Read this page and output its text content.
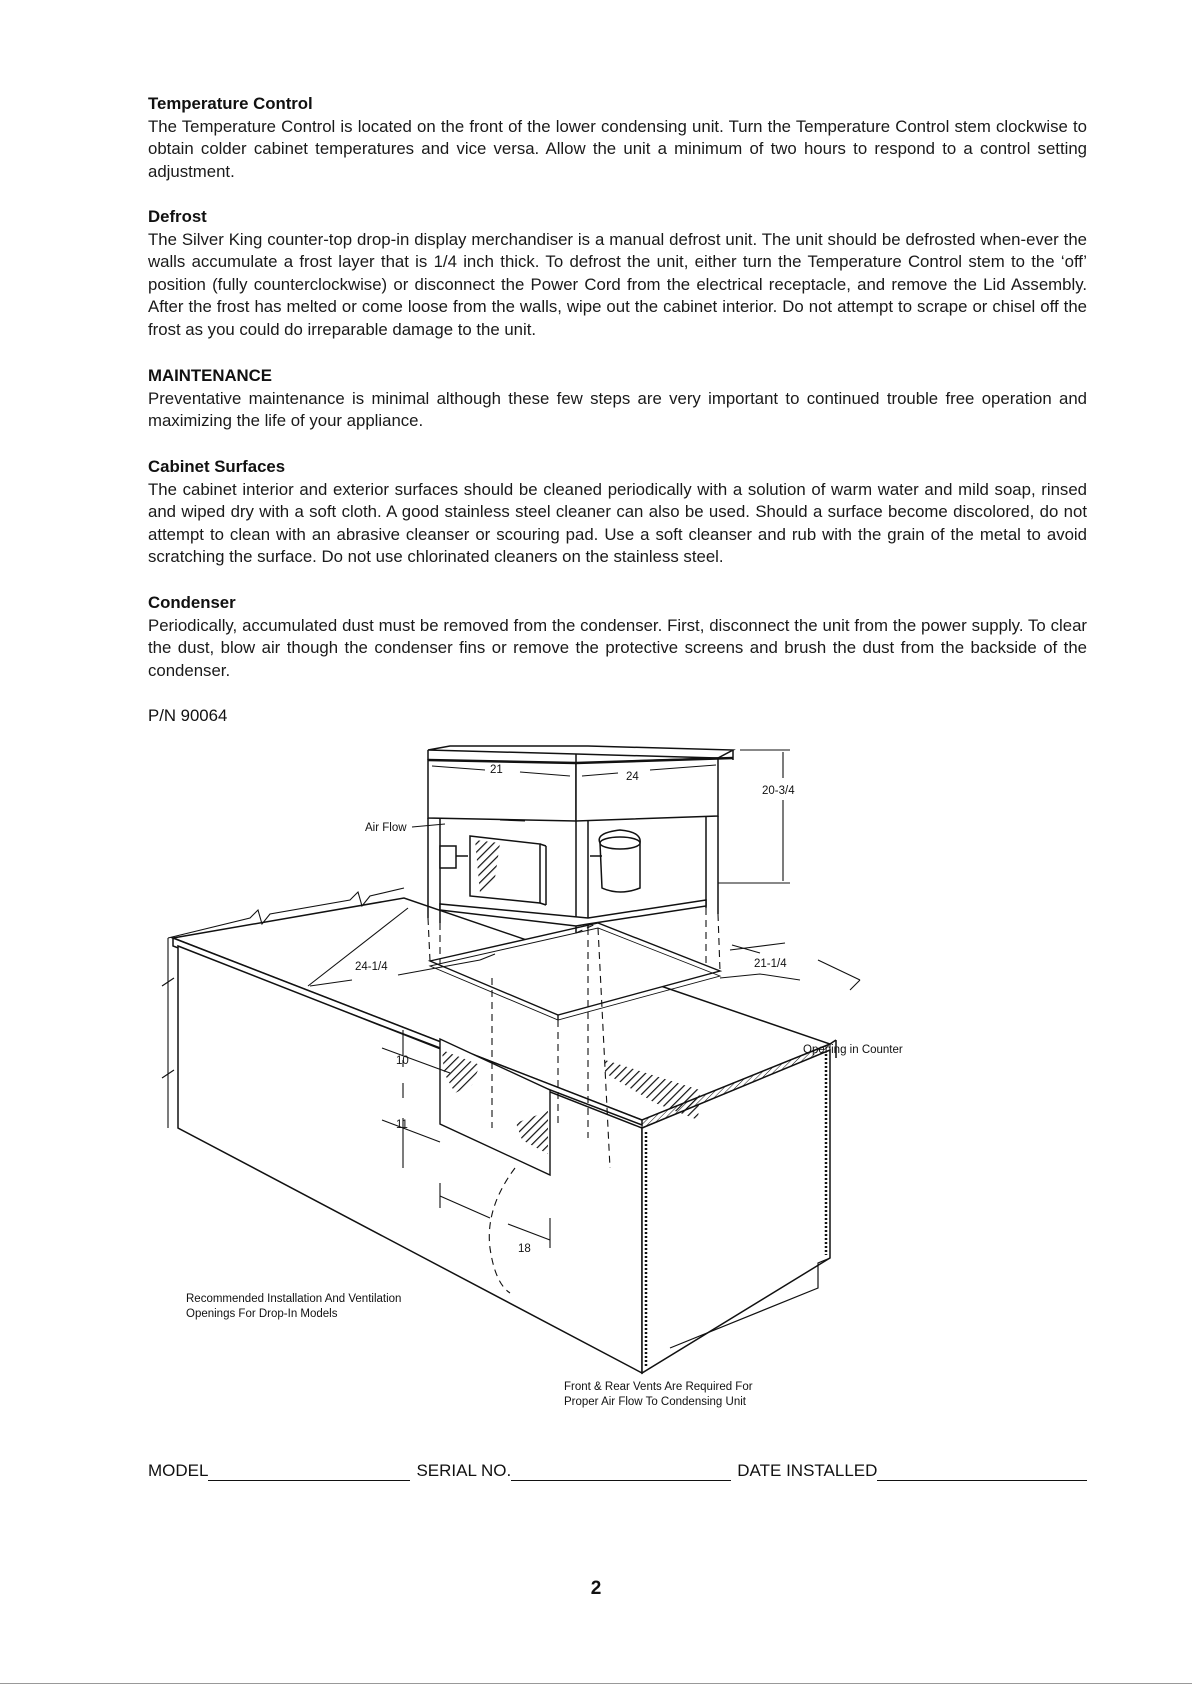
Temperature Control

The Temperature Control is located on the front of the lower condensing unit. Turn the Temperature Control stem clockwise to obtain colder cabinet temperatures and vice versa. Allow the unit a minimum of two hours to respond to a control setting adjustment.

Defrost

The Silver King counter-top drop-in display merchandiser is a manual defrost unit. The unit should be defrosted when-ever the walls accumulate a frost layer that is 1/4 inch thick. To defrost the unit, either turn the Temperature Control stem to the ‘off’ position (fully counterclockwise) or disconnect the Power Cord from the electrical receptacle, and remove the Lid Assembly. After the frost has melted or come loose from the walls, wipe out the cabinet interior. Do not attempt to scrape or chisel off the frost as you could do irreparable damage to the unit.

MAINTENANCE

Preventative maintenance is minimal although these few steps are very important to continued trouble free operation and maximizing the life of your appliance.

Cabinet Surfaces

The cabinet interior and exterior surfaces should be cleaned periodically with a solution of warm water and mild soap, rinsed and wiped dry with a soft cloth. A good stainless steel cleaner can also be used. Should a surface become discolored, do not attempt to clean with an abrasive cleanser or scouring pad. Use a soft cleanser and rub with the grain of the metal to avoid scratching the surface. Do not use chlorinated cleaners on the stainless steel.

Condenser

Periodically, accumulated dust must be removed from the condenser. First, disconnect the unit from the power supply. To clear the dust, blow air though the condenser fins or remove the protective screens and brush the dust from the backside of the condenser.

P/N 90064
21
24
20-3/4
Air Flow
24-1/4	21-1/4
Opening in Counter
10
11
18
Recommended Installation And Ventilation
Openings For Drop-In Models
Front & Rear Vents Are Required For
Proper Air Flow To Condensing Unit
MODEL	SERIAL NO.	DATE INSTALLED
2
